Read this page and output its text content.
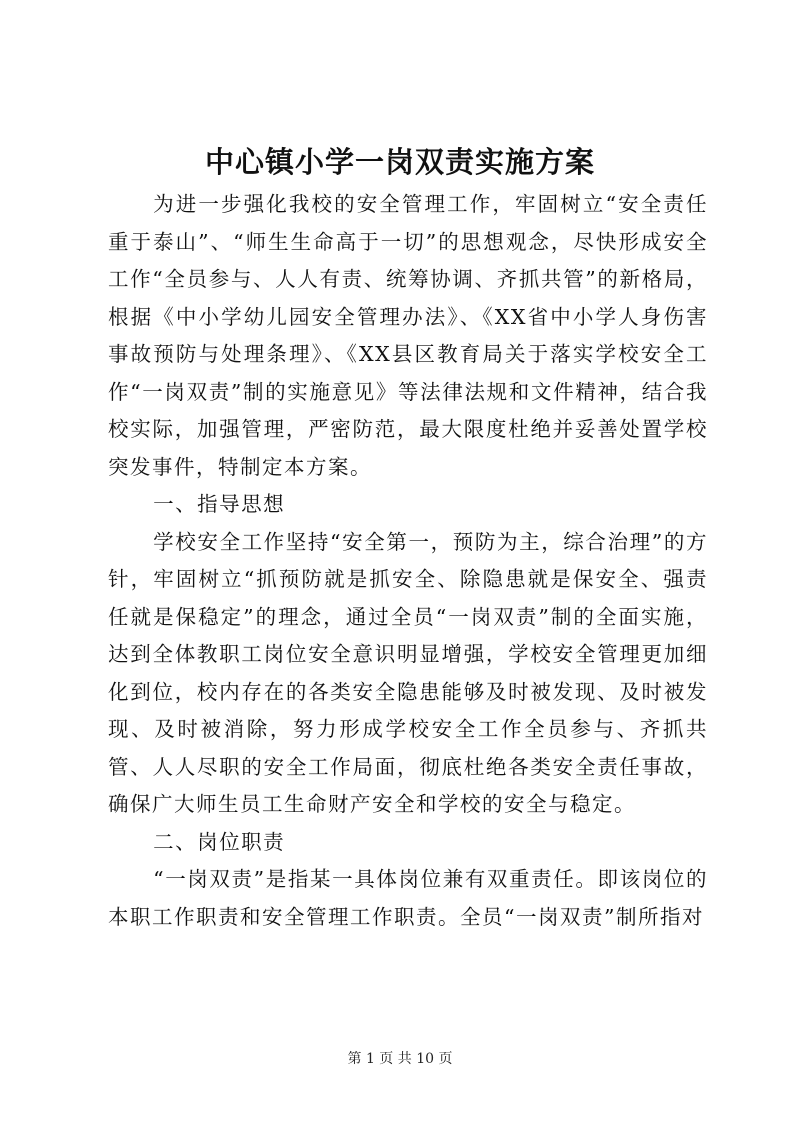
中心镇小学一岗双责实施方案

为进一步强化我校的安全管理工作，牢固树立“安全责任重于泰山”、“师生生命高于一切”的思想观念，尽快形成安全工作“全员参与、人人有责、统筹协调、齐抓共管”的新格局，根据《中小学幼儿园安全管理办法》、《XX省中小学人身伤害事故预防与处理条理》、《XX县区教育局关于落实学校安全工作“一岗双责”制的实施意见》等法律法规和文件精神，结合我校实际，加强管理，严密防范，最大限度杜绝并妥善处置学校突发事件，特制定本方案。

一、指导思想

学校安全工作坚持“安全第一，预防为主，综合治理”的方针，牢固树立“抓预防就是抓安全、除隐患就是保安全、强责任就是保稳定”的理念，通过全员“一岗双责”制的全面实施，达到全体教职工岗位安全意识明显增强，学校安全管理更加细化到位，校内存在的各类安全隐患能够及时被发现、及时被发现、及时被消除，努力形成学校安全工作全员参与、齐抓共管、人人尽职的安全工作局面，彻底杜绝各类安全责任事故，确保广大师生员工生命财产安全和学校的安全与稳定。

二、岗位职责

“一岗双责”是指某一具体岗位兼有双重责任。即该岗位的本职工作职责和安全管理工作职责。全员“一岗双责”制所指对

第 1 页 共 10 页
